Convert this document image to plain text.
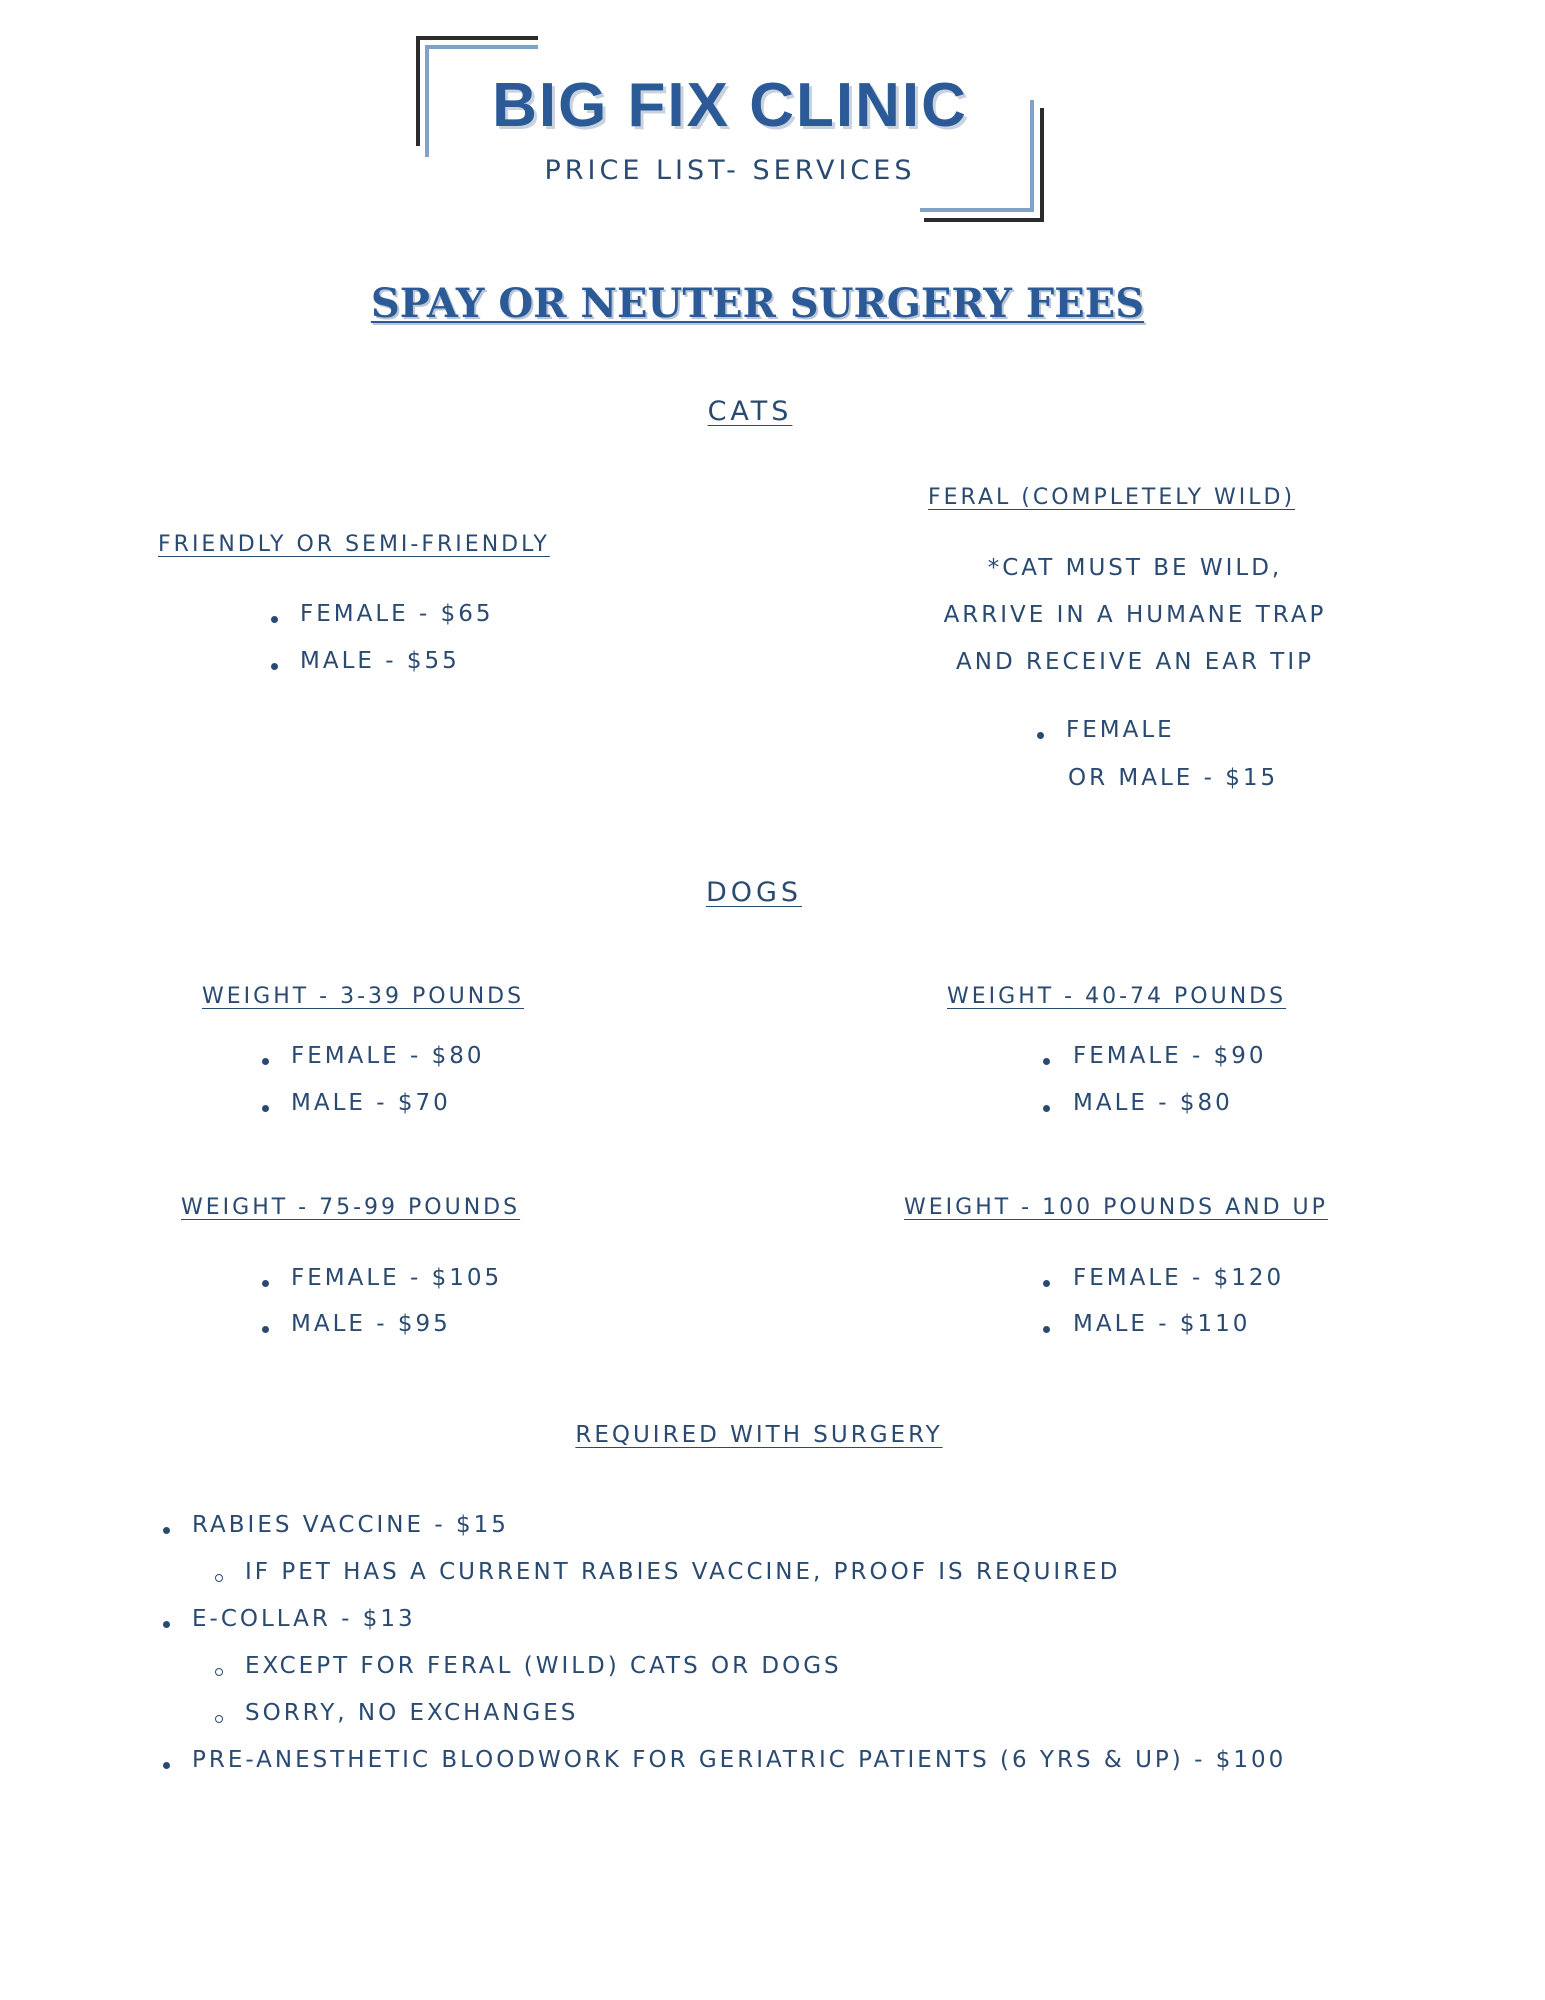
BIG FIX CLINIC
PRICE LIST- SERVICES
SPAY OR NEUTER SURGERY FEES
CATS
FRIENDLY OR SEMI-FRIENDLY
FEMALE - $65
MALE - $55
FERAL (COMPLETELY WILD)
*CAT MUST BE WILD,
ARRIVE IN A HUMANE TRAP
AND RECEIVE AN EAR TIP
FEMALE
OR MALE - $15
DOGS
WEIGHT - 3-39 POUNDS
FEMALE - $80
MALE - $70
WEIGHT - 40-74 POUNDS
FEMALE - $90
MALE - $80
WEIGHT - 75-99 POUNDS
FEMALE - $105
MALE - $95
WEIGHT - 100 POUNDS AND UP
FEMALE - $120
MALE - $110
REQUIRED WITH SURGERY
RABIES VACCINE - $15
IF PET HAS A CURRENT RABIES VACCINE, PROOF IS REQUIRED
E-COLLAR - $13
EXCEPT FOR FERAL (WILD) CATS OR DOGS
SORRY, NO EXCHANGES
PRE-ANESTHETIC BLOODWORK FOR GERIATRIC PATIENTS (6 YRS & UP) - $100
